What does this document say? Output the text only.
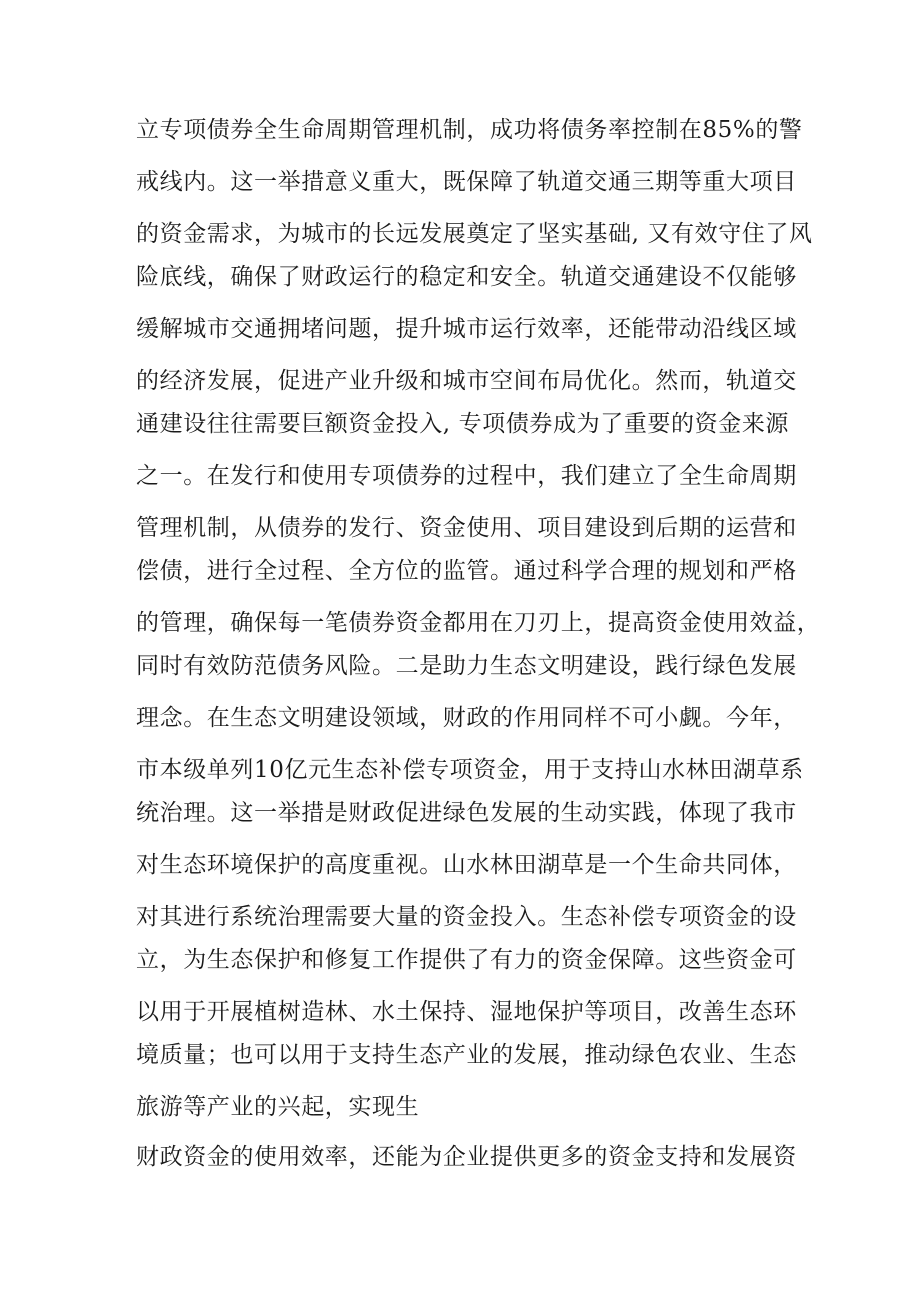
立专项债券全生命周期管理机制，成功将债务率控制在85%的警
戒线内。这一举措意义重大，既保障了轨道交通三期等重大项目
的资金需求，为城市的长远发展奠定了坚实基础, 又有效守住了风
险底线，确保了财政运行的稳定和安全。轨道交通建设不仅能够
缓解城市交通拥堵问题，提升城市运行效率，还能带动沿线区域
的经济发展，促进产业升级和城市空间布局优化。然而，轨道交
通建设往往需要巨额资金投入, 专项债券成为了重要的资金来源
之一。在发行和使用专项债券的过程中，我们建立了全生命周期
管理机制，从债券的发行、资金使用、项目建设到后期的运营和
偿债，进行全过程、全方位的监管。通过科学合理的规划和严格
的管理，确保每一笔债券资金都用在刀刃上，提高资金使用效益，
同时有效防范债务风险。二是助力生态文明建设，践行绿色发展
理念。在生态文明建设领域，财政的作用同样不可小觑。今年，
市本级单列10亿元生态补偿专项资金，用于支持山水林田湖草系
统治理。这一举措是财政促进绿色发展的生动实践，体现了我市
对生态环境保护的高度重视。山水林田湖草是一个生命共同体，
对其进行系统治理需要大量的资金投入。生态补偿专项资金的设
立，为生态保护和修复工作提供了有力的资金保障。这些资金可
以用于开展植树造林、水土保持、湿地保护等项目，改善生态环
境质量；也可以用于支持生态产业的发展，推动绿色农业、生态
旅游等产业的兴起，实现生
财政资金的使用效率，还能为企业提供更多的资金支持和发展资
